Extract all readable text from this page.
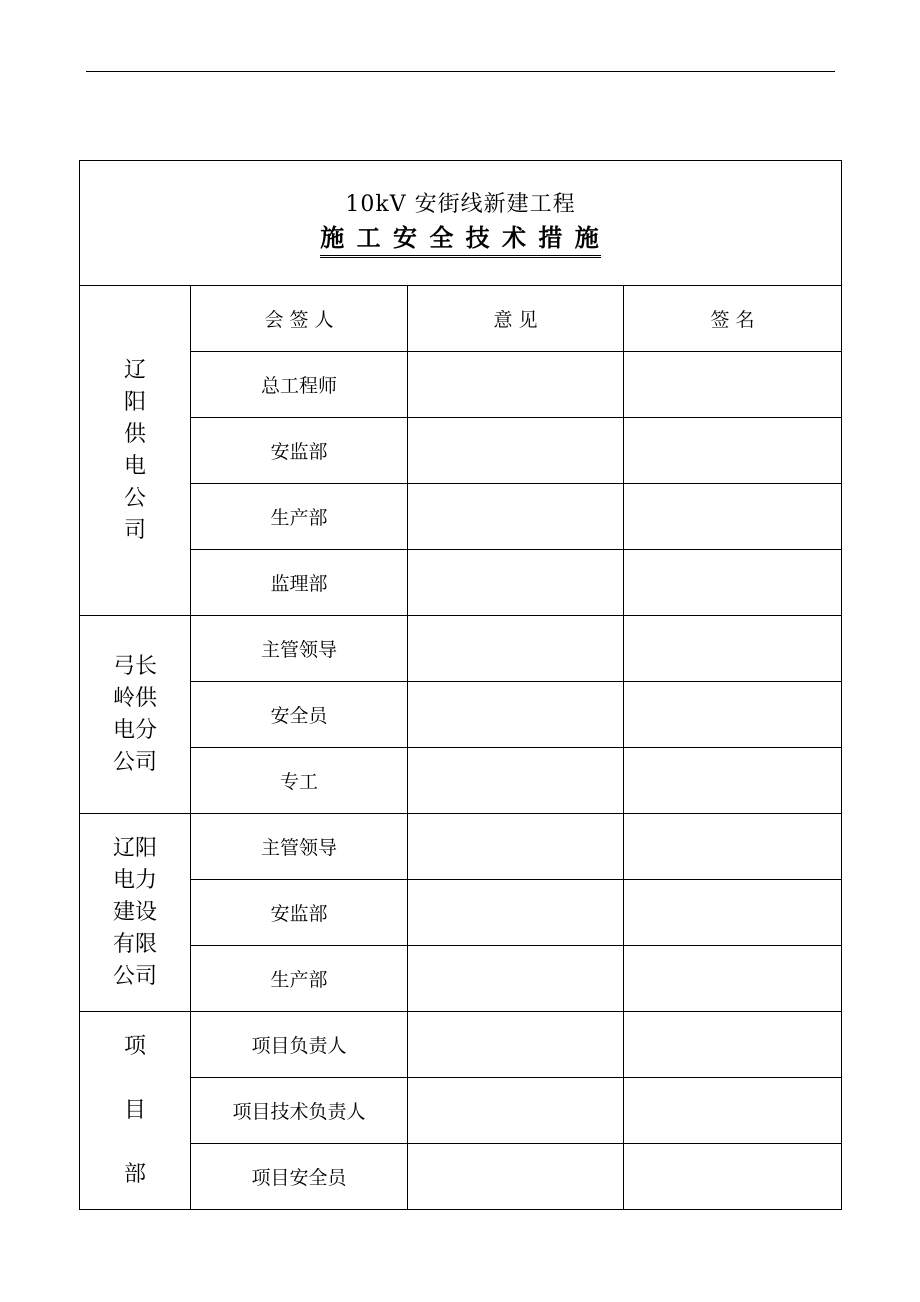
10kV 安街线新建工程
施 工 安 全 技 术 措 施			

辽阳供电公司	会 签 人	意 见	签 名
	总工程师		
	安监部		
	生产部		
	监理部		

弓长岭供电分公司	主管领导		
	安全员		
	专工		

辽阳电力建设有限公司	主管领导		
	安监部		
	生产部		

项目部	项目负责人		
	项目技术负责人		
	项目安全员		
